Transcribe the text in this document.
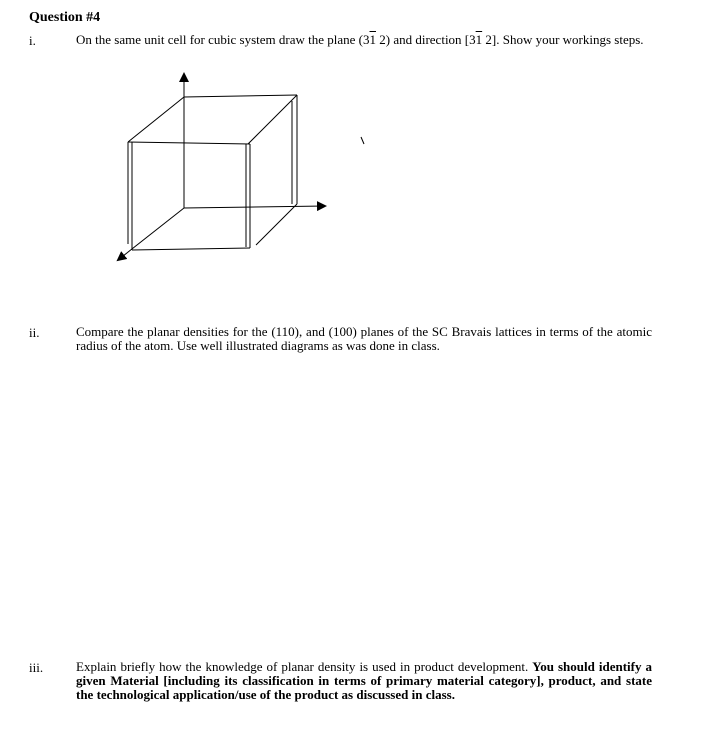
Question #4
i.	On the same unit cell for cubic system draw the plane (31 2) and direction [31 2]. Show your workings steps.
ii.	Compare the planar densities for the (110), and (100) planes of the SC Bravais lattices in terms of the atomic radius of the atom. Use well illustrated diagrams as was done in class.
iii.	Explain briefly how the knowledge of planar density is used in product development. You should identify a given Material [including its classification in terms of primary material category], product, and state the technological application/use of the product as discussed in class.
